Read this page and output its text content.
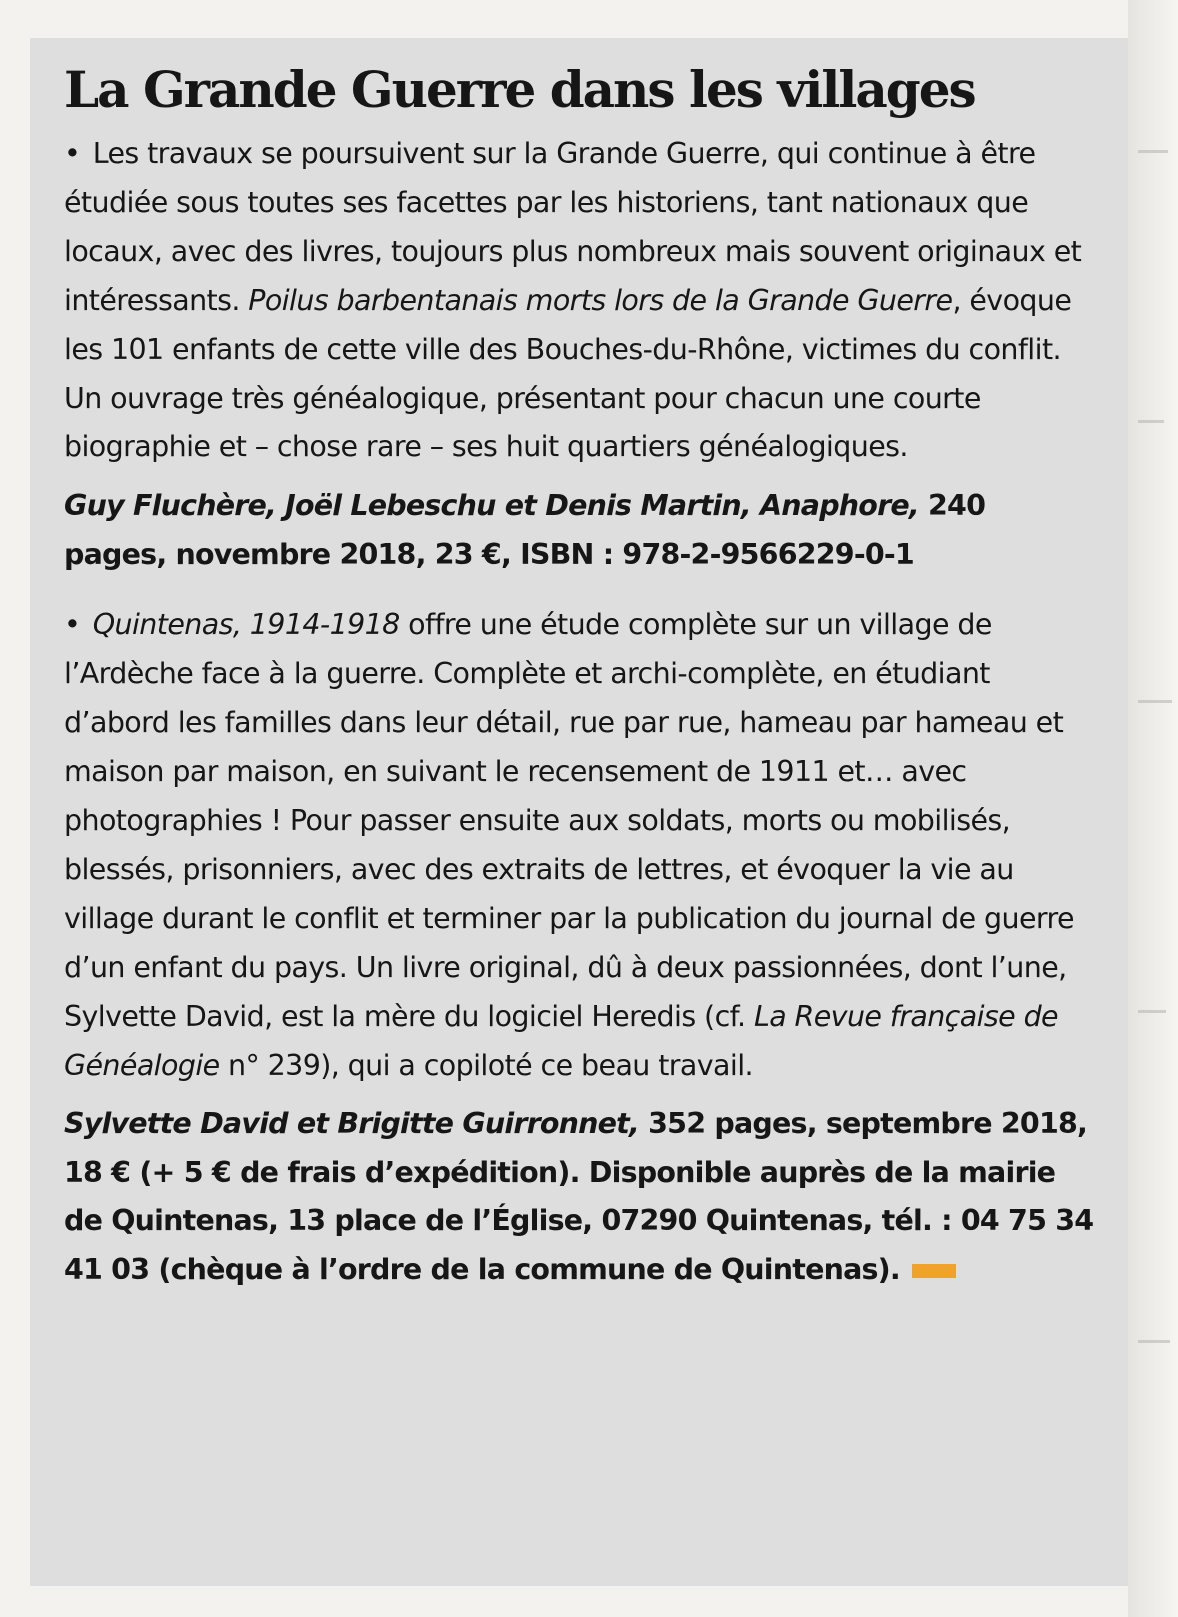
La Grande Guerre dans les villages

• Les travaux se poursuivent sur la Grande Guerre, qui continue à être étudiée sous toutes ses facettes par les historiens, tant nationaux que locaux, avec des livres, toujours plus nombreux mais souvent originaux et intéressants. Poilus barbentanais morts lors de la Grande Guerre, évoque les 101 enfants de cette ville des Bouches-du-Rhône, victimes du conflit. Un ouvrage très généalogique, présentant pour chacun une courte biographie et – chose rare – ses huit quartiers généalogiques.

Guy Fluchère, Joël Lebeschu et Denis Martin, Anaphore, 240 pages, novembre 2018, 23 €, ISBN : 978-2-9566229-0-1

• Quintenas, 1914-1918 offre une étude complète sur un village de l’Ardèche face à la guerre. Complète et archi-complète, en étudiant d’abord les familles dans leur détail, rue par rue, hameau par hameau et maison par maison, en suivant le recensement de 1911 et… avec photographies ! Pour passer ensuite aux soldats, morts ou mobilisés, blessés, prisonniers, avec des extraits de lettres, et évoquer la vie au village durant le conflit et terminer par la publication du journal de guerre d’un enfant du pays. Un livre original, dû à deux passionnées, dont l’une, Sylvette David, est la mère du logiciel Heredis (cf. La Revue française de Généalogie n° 239), qui a copiloté ce beau travail.

Sylvette David et Brigitte Guirronnet, 352 pages, septembre 2018, 18 € (+ 5 € de frais d’expédition). Disponible auprès de la mairie de Quintenas, 13 place de l’Église, 07290 Quintenas, tél. : 04 75 34 41 03 (chèque à l’ordre de la commune de Quintenas).
